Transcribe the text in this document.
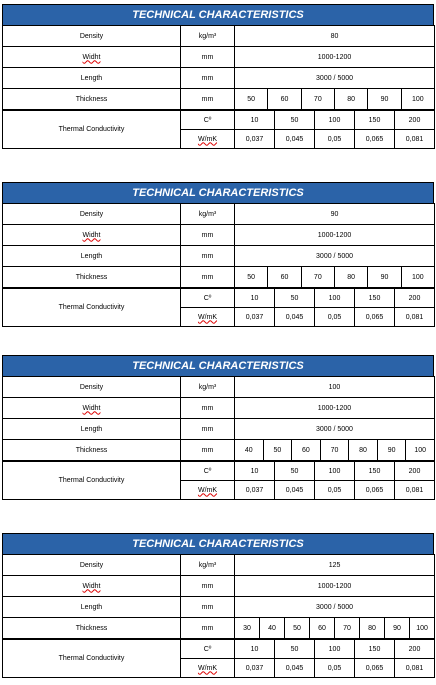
TECHNICAL CHARACTERISTICS
Density	kg/m³	80					
Widht	mm	1000-1200					
Length	mm	3000 / 5000					
Thickness	mm	50	60	70	80	90	100
Thermal Conductivity	Cº	10	50	100	150	200
	W/mK	0,037	0,045	0,05	0,065	0,081
TECHNICAL CHARACTERISTICS
Density	kg/m³	90					
Widht	mm	1000-1200					
Length	mm	3000 / 5000					
Thickness	mm	50	60	70	80	90	100
Thermal Conductivity	Cº	10	50	100	150	200
	W/mK	0,037	0,045	0,05	0,065	0,081
TECHNICAL CHARACTERISTICS
Density	kg/m³	100						
Widht	mm	1000-1200						
Length	mm	3000 / 5000						
Thickness	mm	40	50	60	70	80	90	100
Thermal Conductivity	Cº	10	50	100	150	200
	W/mK	0,037	0,045	0,05	0,065	0,081
TECHNICAL CHARACTERISTICS
Density	kg/m³	125							
Widht	mm	1000-1200							
Length	mm	3000 / 5000							
Thickness	mm	30	40	50	60	70	80	90	100
Thermal Conductivity	Cº	10	50	100	150	200
	W/mK	0,037	0,045	0,05	0,065	0,081
